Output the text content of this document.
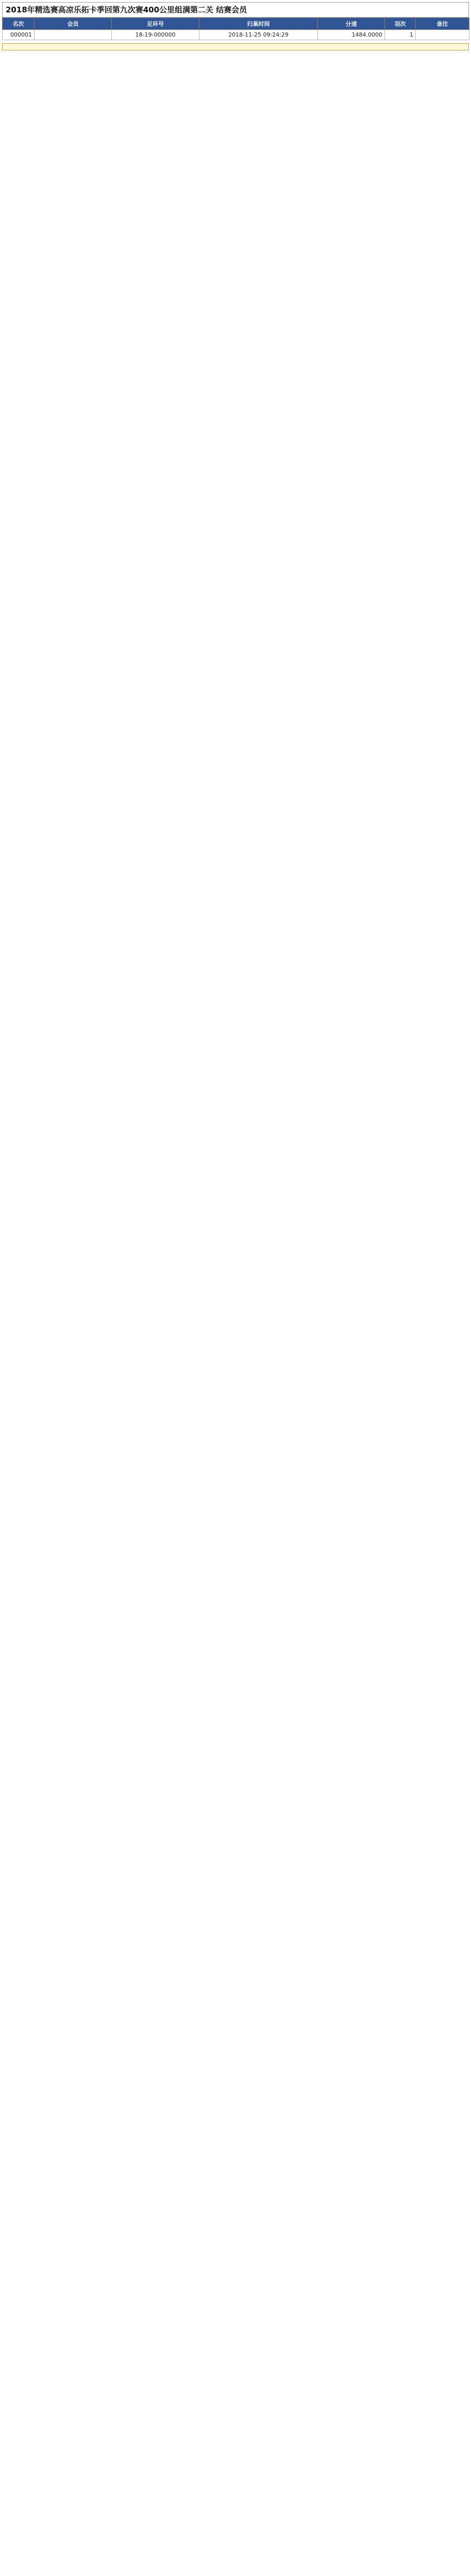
2018年精选赛高凉乐拓卡季回第九次赛400公里组满第二关 结赛会员
名次	会员	足环号	归巢时间	分速	羽次	备注
000001		18-19-000000	2018-11-25 09:24:29	1484.0000	1	
